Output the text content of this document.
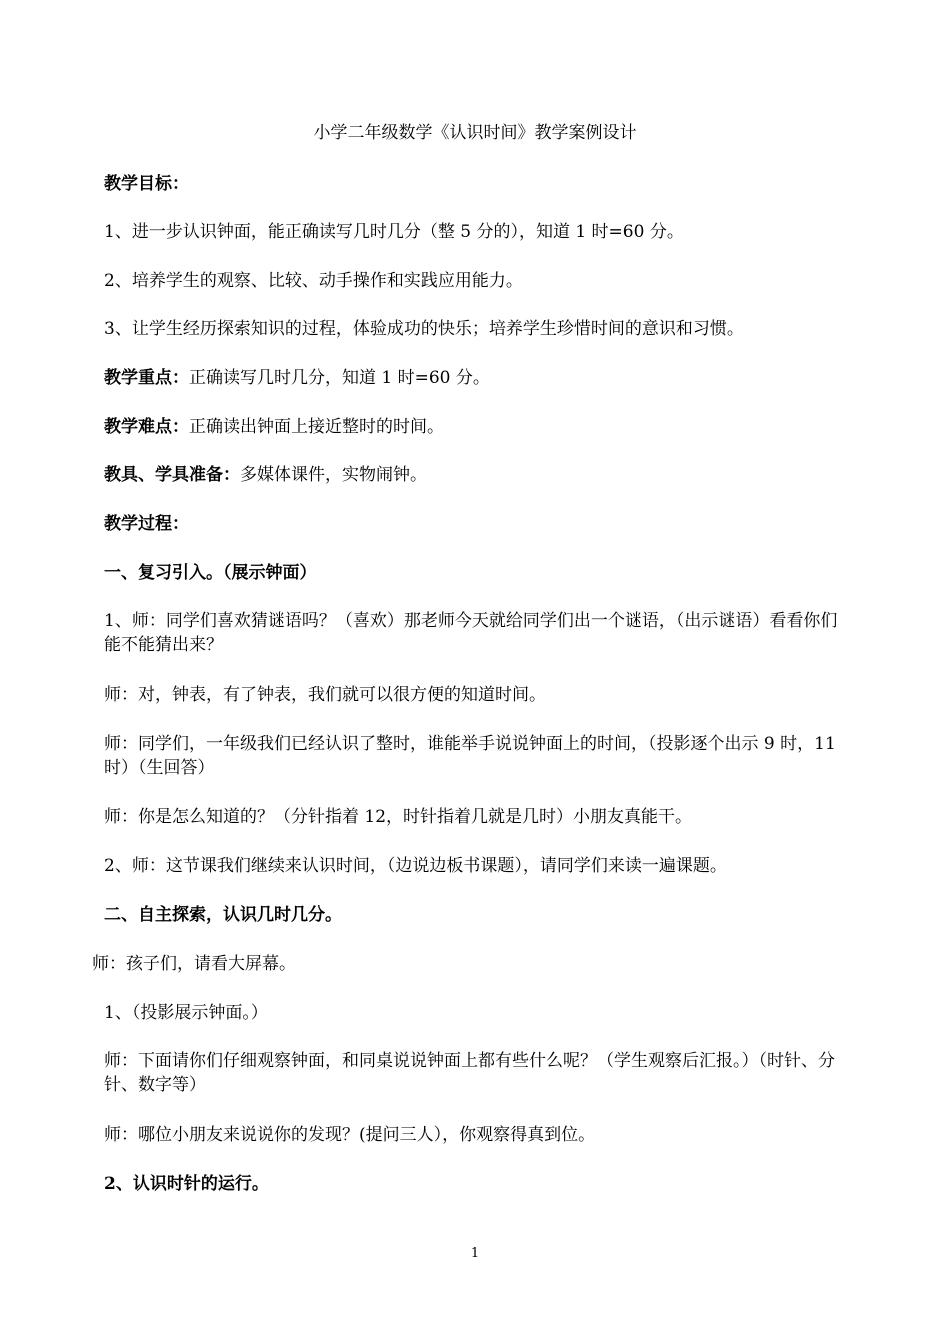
小学二年级数学《认识时间》教学案例设计
教学目标：
1、进一步认识钟面，能正确读写几时几分（整 5 分的），知道 1 时=60 分。
2、培养学生的观察、比较、动手操作和实践应用能力。
3、让学生经历探索知识的过程，体验成功的快乐；培养学生珍惜时间的意识和习惯。
教学重点：正确读写几时几分，知道 1 时=60 分。
教学难点：正确读出钟面上接近整时的时间。
教具、学具准备：多媒体课件，实物闹钟。
教学过程：
一、复习引入。（展示钟面）
1、师：同学们喜欢猜谜语吗？（喜欢）那老师今天就给同学们出一个谜语，（出示谜语）看看你们能不能猜出来？
师：对，钟表，有了钟表，我们就可以很方便的知道时间。
师：同学们，一年级我们已经认识了整时，谁能举手说说钟面上的时间，（投影逐个出示 9 时，11 时）（生回答）
师：你是怎么知道的？（分针指着 12，时针指着几就是几时）小朋友真能干。
2、师：这节课我们继续来认识时间，（边说边板书课题），请同学们来读一遍课题。
二、自主探索，认识几时几分。
师：孩子们，请看大屏幕。
1、（投影展示钟面。）
师：下面请你们仔细观察钟面，和同桌说说钟面上都有些什么呢？（学生观察后汇报。）（时针、分针、数字等）
师：哪位小朋友来说说你的发现？(提问三人），你观察得真到位。
2、认识时针的运行。
1
